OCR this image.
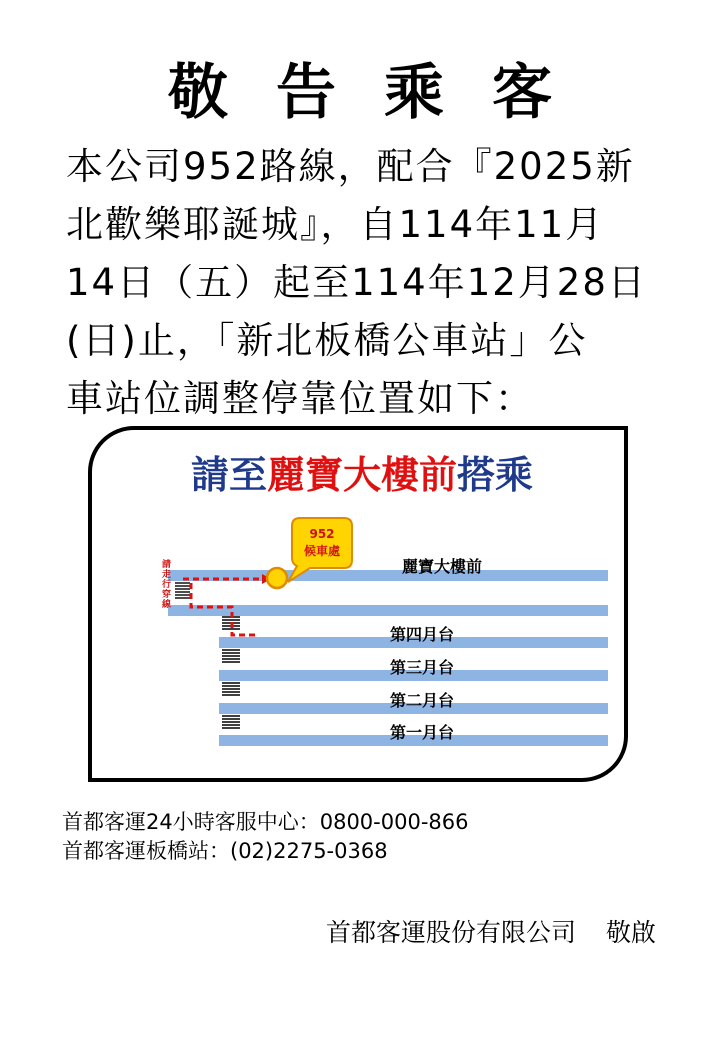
敬告乘客
本公司952路線，配合『2025新
北歡樂耶誕城』，自114年11月
14日（五）起至114年12月28日
(日)止，「新北板橋公車站」公
車站位調整停靠位置如下：
請至麗寶大樓前搭乘
952
候車處
請走行穿線
麗寶大樓前
第四月台
第三月台
第二月台
第一月台
首都客運24小時客服中心：0800-000-866
首都客運板橋站：(02)2275-0368
首都客運股份有限公司 敬啟
